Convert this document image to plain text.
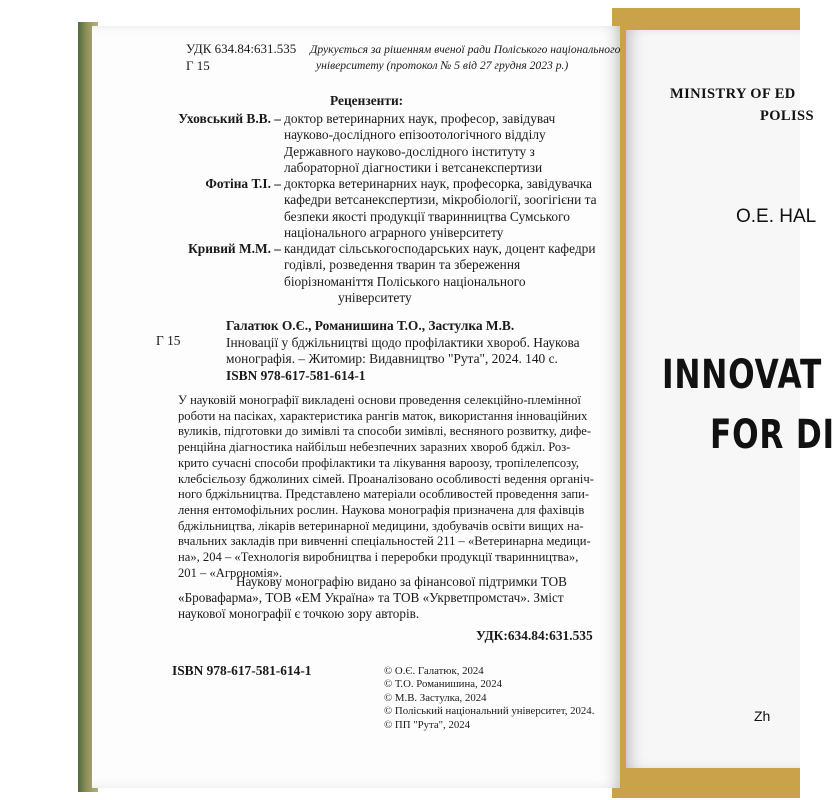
УДК 634.84:631.535
Г 15
Друкується за рішенням вченої ради Поліського національного
університету (протокол № 5 від 27 грудня 2023 р.)
Рецензенти:
Уховський В.В. – доктор ветеринарних наук, професор, завідувач
науково-дослідного епізоотологічного відділу
Державного науково-дослідного інституту з
лабораторної діагностики і ветсанекспертизи
Фотіна Т.І. – докторка ветеринарних наук, професорка, завідувачка
кафедри ветсанекспертизи, мікробіології, зоогігієни та
безпеки якості продукції тваринництва Сумського
національного аграрного університету
Кривий М.М. – кандидат сільськогосподарських наук, доцент кафедри
годівлі, розведення тварин та збереження
біорізноманіття Поліського національного
університету
Г 15
Галатюк О.Є., Романишина Т.О., Застулка М.В.
Інновації у бджільництві щодо профілактики хвороб. Наукова
монографія. – Житомир: Видавництво "Рута", 2024. 140 с.
ISBN 978-617-581-614-1
У науковій монографії викладені основи проведення селекційно-племінної
роботи на пасіках, характеристика рангів маток, використання інноваційних
вуликів, підготовки до зимівлі та способи зимівлі, весняного розвитку, дифе-
ренційна діагностика найбільш небезпечних заразних хвороб бджіл. Роз-
крито сучасні способи профілактики та лікування вароозу, тропілелепсозу,
клебсієльозу бджолиних сімей. Проаналізовано особливості ведення органіч-
ного бджільництва. Представлено матеріали особливостей проведення запи-
лення ентомофільних рослин. Наукова монографія призначена для фахівців
бджільництва, лікарів ветеринарної медицини, здобувачів освіти вищих на-
вчальних закладів при вивченні спеціальностей 211 – «Ветеринарна медици-
на», 204 – «Технологія виробництва і переробки продукції тваринництва»,
201 – «Агрономія».
Наукову монографію видано за фінансової підтримки ТОВ
«Бровафарма», ТОВ «ЕМ Україна» та ТОВ «Укрветпромстач». Зміст
наукової монографії є точкою зору авторів.
УДК:634.84:631.535
ISBN 978-617-581-614-1	© О.Є. Галатюк, 2024
© Т.О. Романишина, 2024
© М.В. Застулка, 2024
© Поліський національний університет, 2024.
© ПП "Рута", 2024
MINISTRY OF ED
POLISS
O.E. HAL
INNOVAT
FOR DI
Zh
